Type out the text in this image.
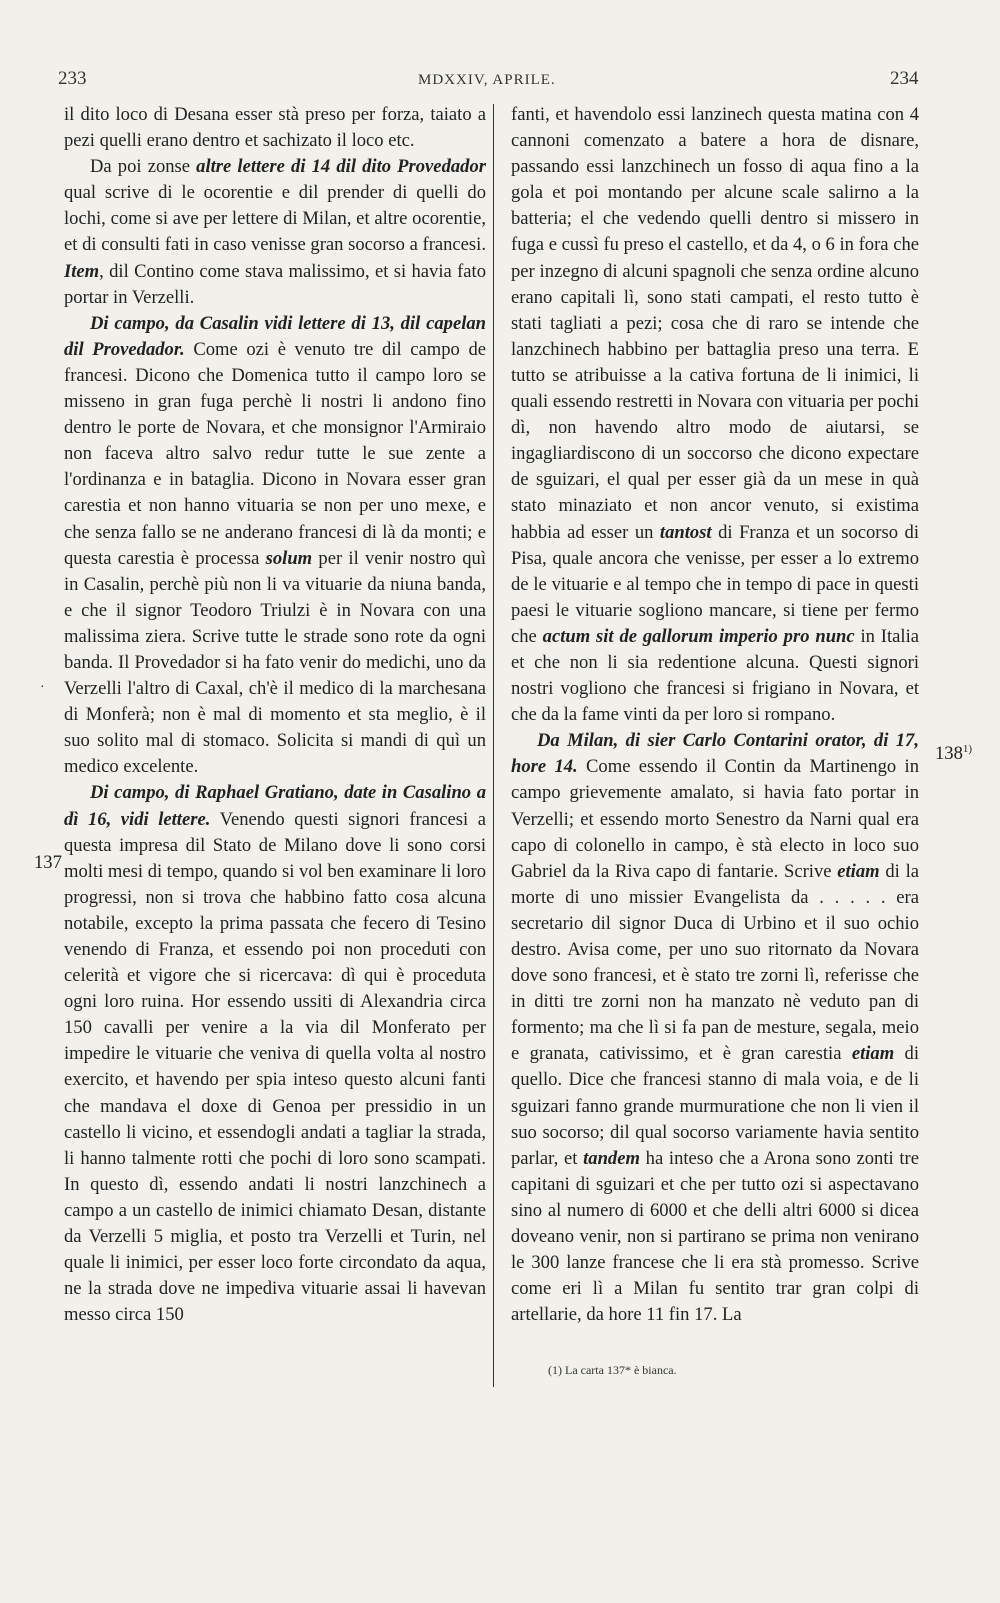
233	MDXXIV, APRILE.	234
137
$138^{1)}$
·

il dito loco di Desana esser stà preso per forza, taiato a pezi quelli erano dentro et sachizato il loco etc.

Da poi zonse altre lettere di 14 dil dito Provedador qual scrive di le ocorentie e dil prender di quelli do lochi, come si ave per lettere di Milan, et altre ocorentie, et di consulti fati in caso venisse gran socorso a francesi. Item, dil Contino come stava malissimo, et si havia fato portar in Verzelli.

Di campo, da Casalin vidi lettere di 13, dil capelan dil Provedador. Come ozi è venuto tre dil campo de francesi. Dicono che Domenica tutto il campo loro se misseno in gran fuga perchè li nostri li andono fino dentro le porte de Novara, et che monsignor l'Armiraio non faceva altro salvo redur tutte le sue zente a l'ordinanza e in bataglia. Dicono in Novara esser gran carestia et non hanno vituaria se non per uno mexe, e che senza fallo se ne anderano francesi di là da monti; e questa carestia è processa solum per il venir nostro quì in Casalin, perchè più non li va vituarie da niuna banda, e che il signor Teodoro Triulzi è in Novara con una malissima ziera. Scrive tutte le strade sono rote da ogni banda. Il Provedador si ha fato venir do medichi, uno da Verzelli l'altro di Caxal, ch'è il medico di la marchesana di Monferà; non è mal di momento et sta meglio, è il suo solito mal di stomaco. Solicita si mandi di quì un medico excelente.

Di campo, di Raphael Gratiano, date in Casalino a dì 16, vidi lettere. Venendo questi signori francesi a questa impresa dil Stato de Milano dove li sono corsi molti mesi di tempo, quando si vol ben examinare li loro progressi, non si trova che habbino fatto cosa alcuna notabile, excepto la prima passata che fecero di Tesino venendo di Franza, et essendo poi non proceduti con celerità et vigore che si ricercava: dì qui è proceduta ogni loro ruina. Hor essendo ussiti di Alexandria circa 150 cavalli per venire a la via dil Monferato per impedire le vituarie che veniva di quella volta al nostro exercito, et havendo per spia inteso questo alcuni fanti che mandava el doxe di Genoa per pressidio in un castello li vicino, et essendogli andati a tagliar la strada, li hanno talmente rotti che pochi di loro sono scampati. In questo dì, essendo andati li nostri lanzchinech a campo a un castello de inimici chiamato Desan, distante da Verzelli 5 miglia, et posto tra Verzelli et Turin, nel quale li inimici, per esser loco forte circondato da aqua, ne la strada dove ne impediva vituarie assai li havevan messo circa 150

fanti, et havendolo essi lanzinech questa matina con 4 cannoni comenzato a batere a hora de disnare, passando essi lanzchinech un fosso di aqua fino a la gola et poi montando per alcune scale salirno a la batteria; el che vedendo quelli dentro si missero in fuga e cussì fu preso el castello, et da 4, o 6 in fora che per inzegno di alcuni spagnoli che senza ordine alcuno erano capitali lì, sono stati campati, el resto tutto è stati tagliati a pezi; cosa che di raro se intende che lanzchinech habbino per battaglia preso una terra. E tutto se atribuisse a la cativa fortuna de li inimici, li quali essendo restretti in Novara con vituaria per pochi dì, non havendo altro modo de aiutarsi, se ingagliardiscono di un soccorso che dicono expectare de sguizari, el qual per esser già da un mese in quà stato minaziato et non ancor venuto, si existima habbia ad esser un tantost di Franza et un socorso di Pisa, quale ancora che venisse, per esser a lo extremo de le vituarie e al tempo che in tempo di pace in questi paesi le vituarie sogliono mancare, si tiene per fermo che actum sit de gallorum imperio pro nunc in Italia et che non li sia redentione alcuna. Questi signori nostri vogliono che francesi si frigiano in Novara, et che da la fame vinti da per loro si rompano.

Da Milan, di sier Carlo Contarini orator, di 17, hore 14. Come essendo il Contin da Martinengo in campo grievemente amalato, si havia fato portar in Verzelli; et essendo morto Senestro da Narni qual era capo di colonello in campo, è stà electo in loco suo Gabriel da la Riva capo di fantarie. Scrive etiam di la morte di uno missier Evangelista da . . . . . era secretario dil signor Duca di Urbino et il suo ochio destro. Avisa come, per uno suo ritornato da Novara dove sono francesi, et è stato tre zorni lì, referisse che in ditti tre zorni non ha manzato nè veduto pan di formento; ma che lì si fa pan de mesture, segala, meio e granata, cativissimo, et è gran carestia etiam di quello. Dice che francesi stanno di mala voia, e de li sguizari fanno grande murmuratione che non li vien il suo socorso; dil qual socorso variamente havia sentito parlar, et tandem ha inteso che a Arona sono zonti tre capitani di sguizari et che per tutto ozi si aspectavano sino al numero di 6000 et che delli altri 6000 si dicea doveano venir, non si partirano se prima non venirano le 300 lanze francese che li era stà promesso. Scrive come eri lì a Milan fu sentito trar gran colpi di artellarie, da hore 11 fin 17. La

(1) La carta 137* è bianca.
